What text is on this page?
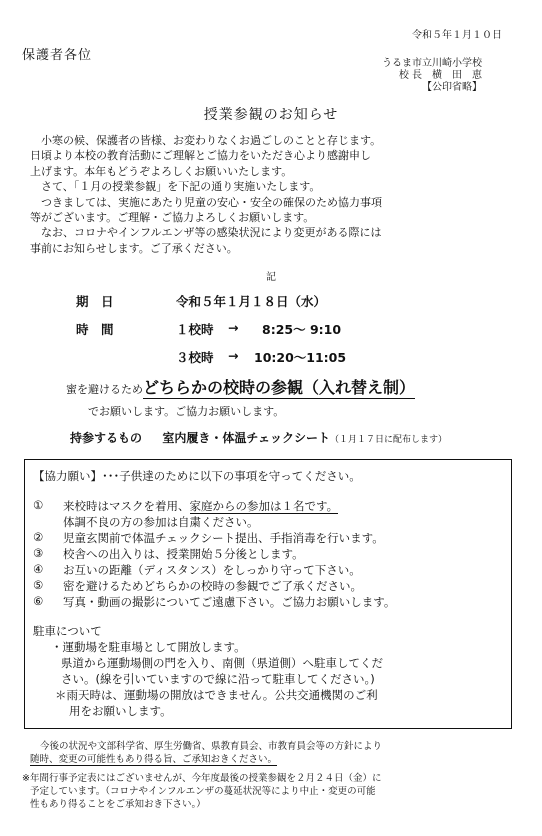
令和５年１月１０日
保護者各位
うるま市立川崎小学校
校 長　横　田　恵
【公印省略】
授業参観のお知らせ

　小寒の候、保護者の皆様、お変わりなくお過ごしのことと存じます。

日頃より本校の教育活動にご理解とご協力をいただき心より感謝申し

上げます。本年もどうぞよろしくお願いいたします。

　さて、「１月の授業参観」を下記の通り実施いたします。

　つきましては、実施にあたり児童の安心・安全の確保のため協力事項

等がございます。ご理解・ご協力よろしくお願いします。

　なお、コロナやインフルエンザ等の感染状況により変更がある際には

事前にお知らせします。ご了承ください。

記
期　日	令和５年１月１８日（水）
時　間	１校時 → 8:25～ 9:10
３校時 → 10:20～11:05
蜜を避けるためどちらかの校時の参観（入れ替え制）
でお願いします。ご協力お願いします。
持参するもの 室内履き・体温チェックシート（１月１７日に配布します）
【協力願い】･･･子供達のために以下の事項を守ってください。
① 来校時はマスクを着用、家庭からの参加は１名です。
体調不良の方の参加は自粛ください。
② 児童玄関前で体温チェックシート提出、手指消毒を行います。
③ 校舎への出入りは、授業開始５分後とします。
④ お互いの距離（ディスタンス）をしっかり守って下さい。
⑤ 密を避けるためどちらかの校時の参観でご了承ください。
⑥ 写真・動画の撮影についてご遠慮下さい。ご協力お願いします。
駐車について
・運動場を駐車場として開放します。
県道から運動場側の門を入り、南側（県道側）へ駐車してくだ
さい。(線を引いていますので線に沿って駐車してください。)
＊雨天時は、運動場の開放はできません。公共交通機関のご利
用をお願いします。
今後の状況や文部科学省、厚生労働省、県教育員会、市教育員会等の方針により
随時、変更の可能性もあり得る旨、ご承知おきください。
※年間行事予定表にはございませんが、今年度最後の授業参観を２月２４日（金）に
予定しています。（コロナやインフルエンザの蔓延状況等により中止・変更の可能
性もあり得ることをご承知おき下さい。）
